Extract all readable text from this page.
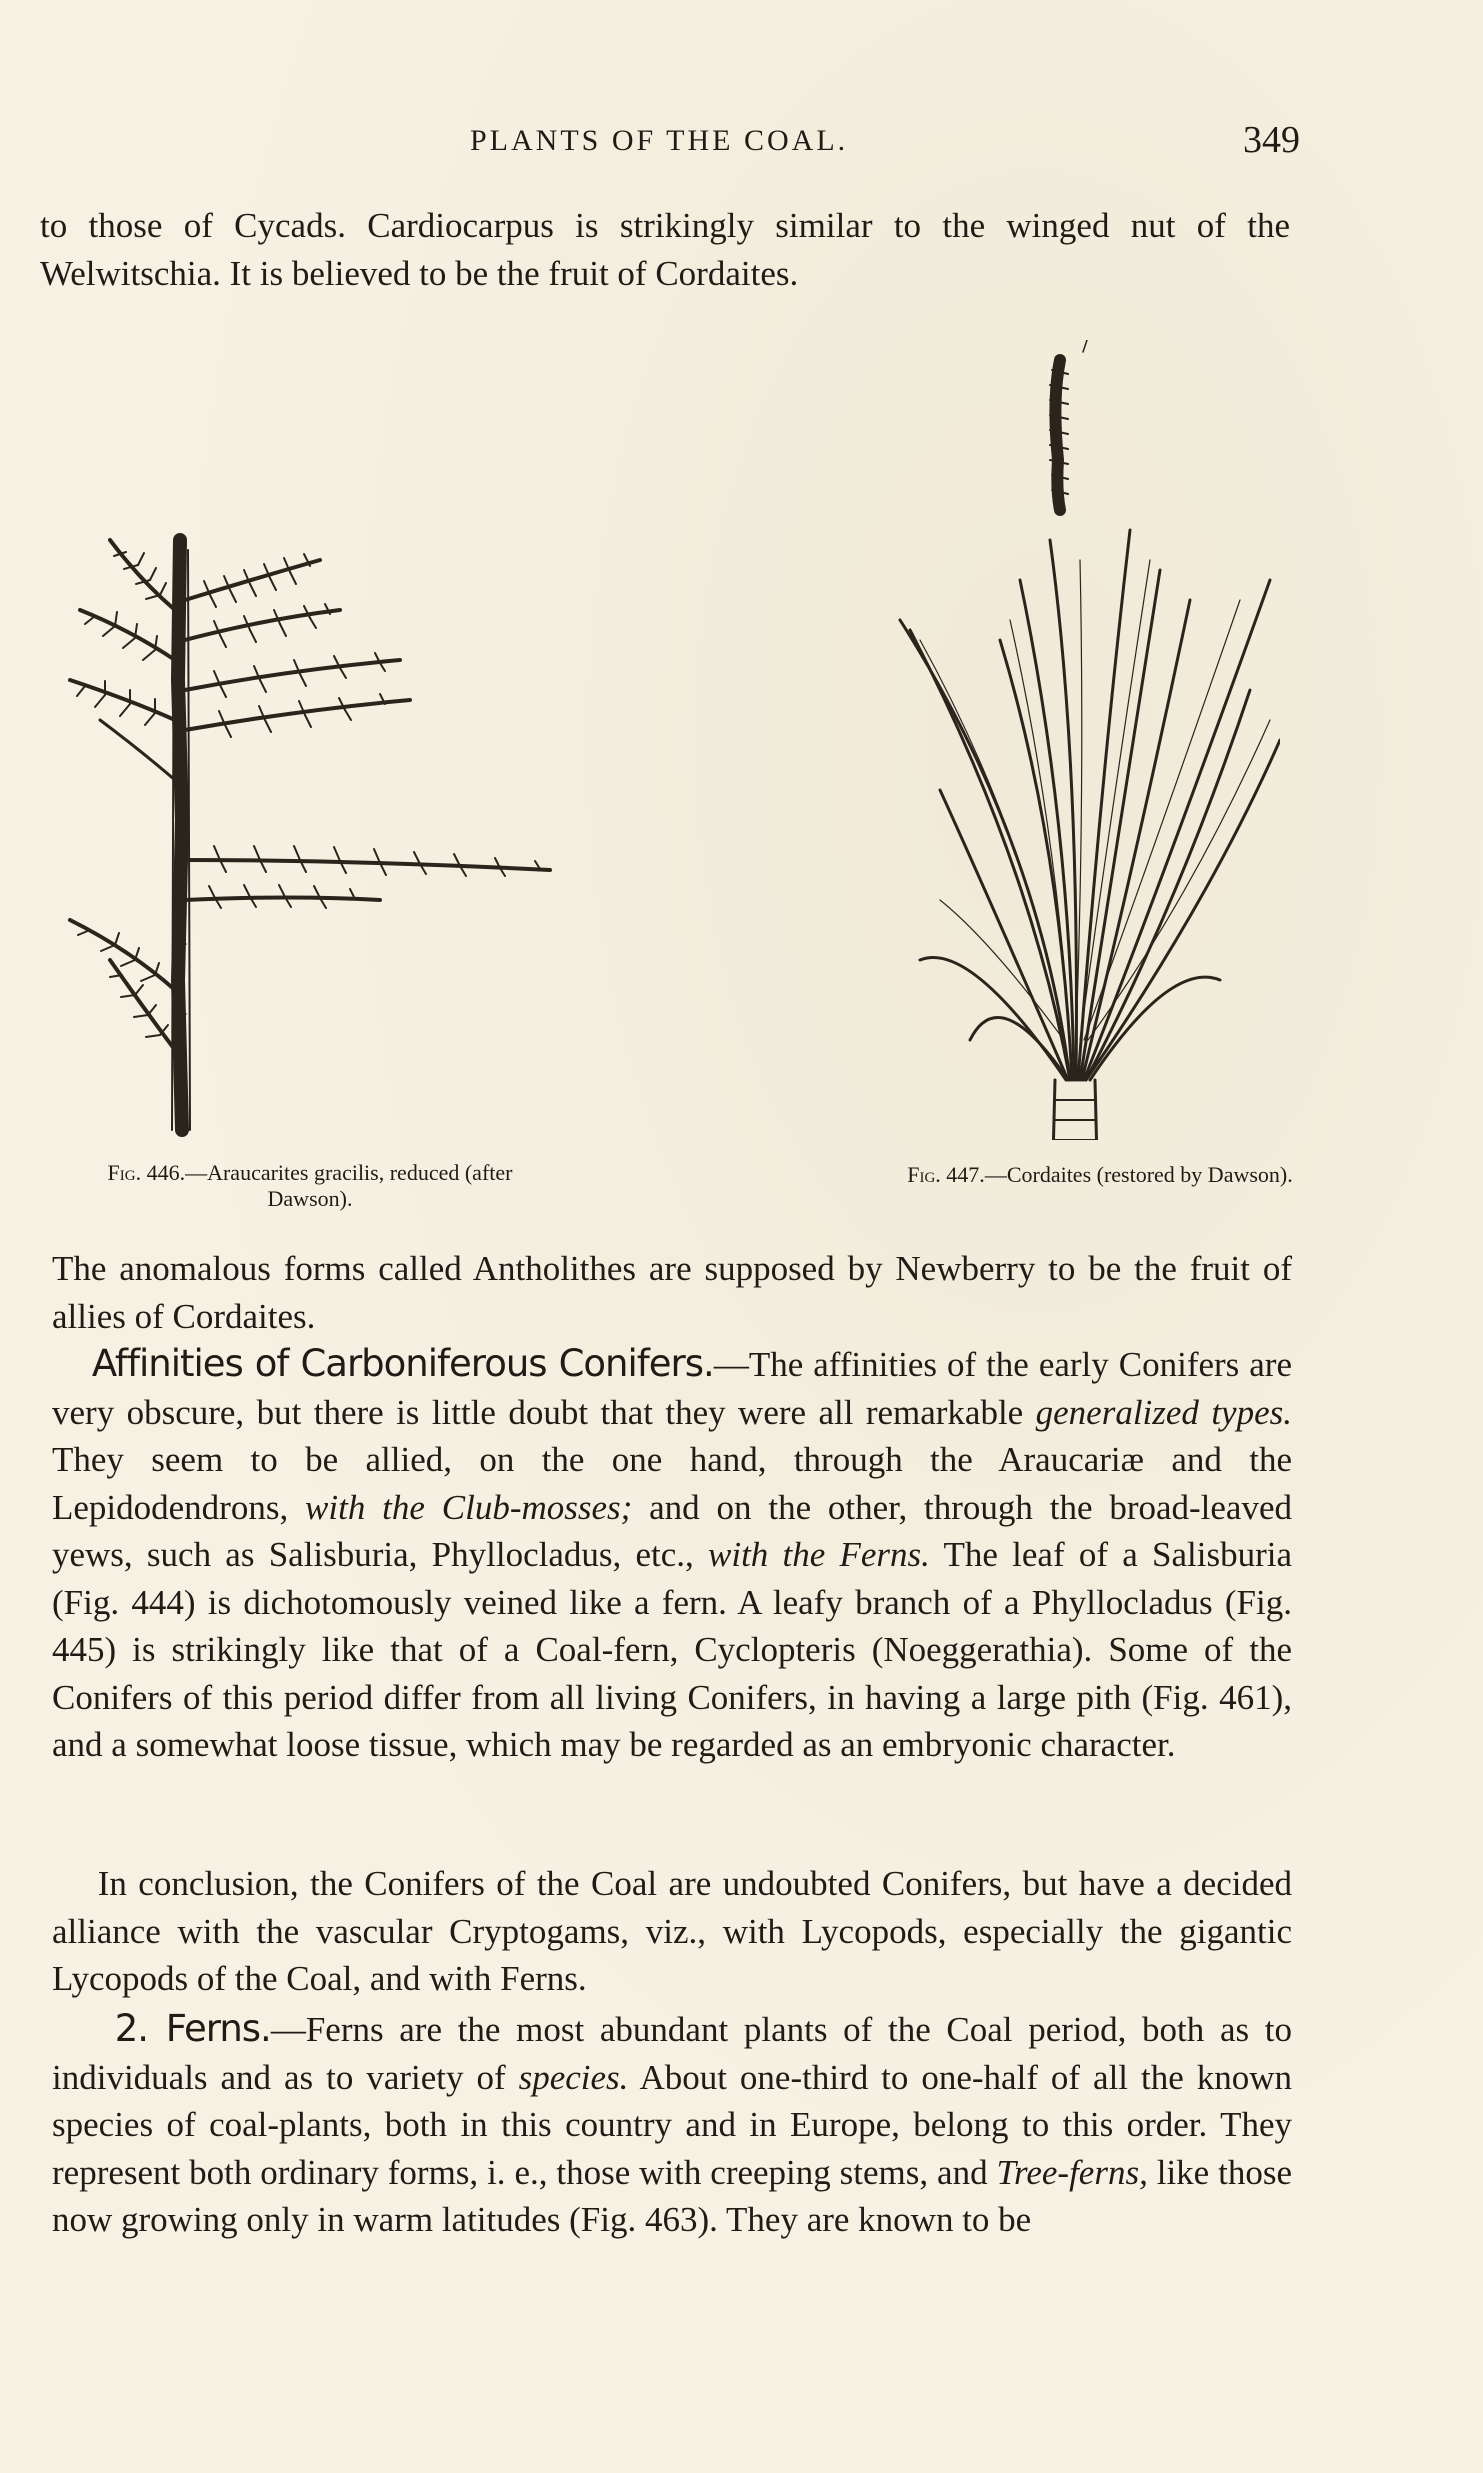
PLANTS OF THE COAL.	349

to those of Cycads. Cardiocarpus is strikingly similar to the winged nut of the Welwitschia. It is believed to be the fruit of Cordaites.

Fig. 446.—Araucarites gracilis, reduced (after Dawson).

Fig. 447.—Cordaites (restored by Dawson).

The anomalous forms called Antholithes are supposed by Newberry to be the fruit of allies of Cordaites.

Affinities of Carboniferous Conifers.—The affinities of the early Conifers are very obscure, but there is little doubt that they were all remarkable generalized types. They seem to be allied, on the one hand, through the Araucariæ and the Lepidodendrons, with the Club-mosses; and on the other, through the broad-leaved yews, such as Salisburia, Phyllocladus, etc., with the Ferns. The leaf of a Salisburia (Fig. 444) is dichotomously veined like a fern. A leafy branch of a Phyllocladus (Fig. 445) is strikingly like that of a Coal-fern, Cyclopteris (Noeggerathia). Some of the Conifers of this period differ from all living Conifers, in having a large pith (Fig. 461), and a somewhat loose tissue, which may be regarded as an embryonic character.

In conclusion, the Conifers of the Coal are undoubted Conifers, but have a decided alliance with the vascular Cryptogams, viz., with Lycopods, especially the gigantic Lycopods of the Coal, and with Ferns.

2. Ferns.—Ferns are the most abundant plants of the Coal period, both as to individuals and as to variety of species. About one-third to one-half of all the known species of coal-plants, both in this country and in Europe, belong to this order. They represent both ordinary forms, i. e., those with creeping stems, and Tree-ferns, like those now growing only in warm latitudes (Fig. 463). They are known to be
